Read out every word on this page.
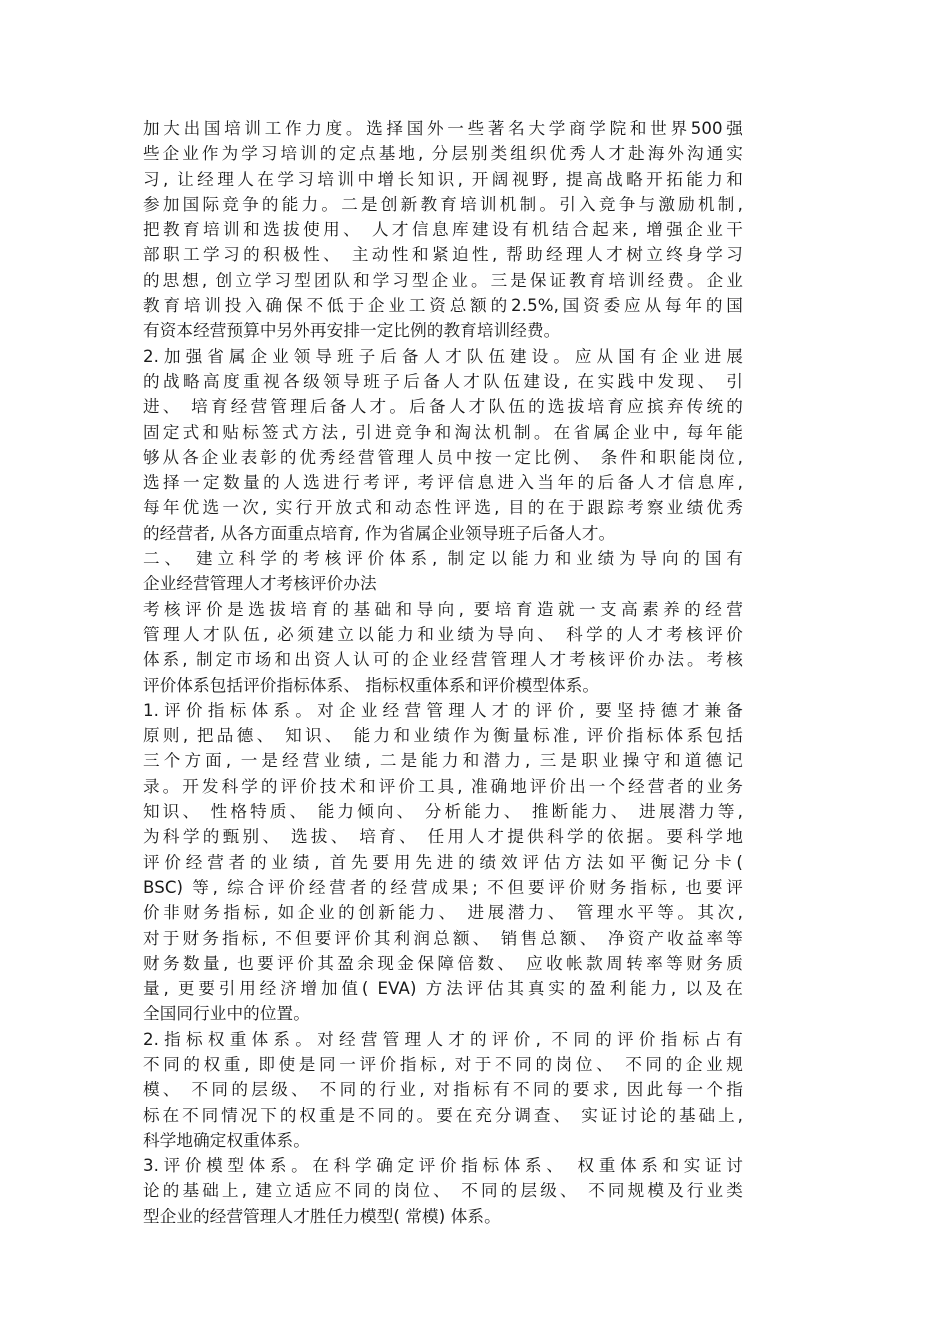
加大出国培训工作力度。选择国外一些著名大学商学院和世界500强
些企业作为学习培训的定点基地, 分层别类组织优秀人才赴海外沟通实
习, 让经理人在学习培训中增长知识, 开阔视野, 提高战略开拓能力和
参加国际竞争的能力。二是创新教育培训机制。引入竞争与激励机制,
把教育培训和选拔使用、 人才信息库建设有机结合起来, 增强企业干
部职工学习的积极性、 主动性和紧迫性, 帮助经理人才树立终身学习
的思想, 创立学习型团队和学习型企业。三是保证教育培训经费。企业
教育培训投入确保不低于企业工资总额的2.5%,国资委应从每年的国
有资本经营预算中另外再安排一定比例的教育培训经费。
2.加强省属企业领导班子后备人才队伍建设。应从国有企业进展
的战略高度重视各级领导班子后备人才队伍建设, 在实践中发现、 引
进、 培育经营管理后备人才。后备人才队伍的选拔培育应摈弃传统的
固定式和贴标签式方法, 引进竞争和淘汰机制。在省属企业中, 每年能
够从各企业表彰的优秀经营管理人员中按一定比例、 条件和职能岗位,
选择一定数量的人选进行考评, 考评信息进入当年的后备人才信息库,
每年优选一次, 实行开放式和动态性评选, 目的在于跟踪考察业绩优秀
的经营者, 从各方面重点培育, 作为省属企业领导班子后备人才。
二、 建立科学的考核评价体系, 制定以能力和业绩为导向的国有
企业经营管理人才考核评价办法
考核评价是选拔培育的基础和导向, 要培育造就一支高素养的经营
管理人才队伍, 必须建立以能力和业绩为导向、 科学的人才考核评价
体系, 制定市场和出资人认可的企业经营管理人才考核评价办法。考核
评价体系包括评价指标体系、 指标权重体系和评价模型体系。
1.评价指标体系。对企业经营管理人才的评价, 要坚持德才兼备
原则, 把品德、 知识、 能力和业绩作为衡量标准, 评价指标体系包括
三个方面, 一是经营业绩, 二是能力和潜力, 三是职业操守和道德记
录。开发科学的评价技术和评价工具, 准确地评价出一个经营者的业务
知识、 性格特质、 能力倾向、 分析能力、 推断能力、 进展潜力等,
为科学的甄别、 选拔、 培育、 任用人才提供科学的依据。要科学地
评价经营者的业绩, 首先要用先进的绩效评估方法如平衡记分卡(
BSC) 等, 综合评价经营者的经营成果; 不但要评价财务指标, 也要评
价非财务指标, 如企业的创新能力、 进展潜力、 管理水平等。其次,
对于财务指标, 不但要评价其利润总额、 销售总额、 净资产收益率等
财务数量, 也要评价其盈余现金保障倍数、 应收帐款周转率等财务质
量, 更要引用经济增加值( EVA) 方法评估其真实的盈利能力, 以及在
全国同行业中的位置。
2.指标权重体系。对经营管理人才的评价, 不同的评价指标占有
不同的权重, 即使是同一评价指标, 对于不同的岗位、 不同的企业规
模、 不同的层级、 不同的行业, 对指标有不同的要求, 因此每一个指
标在不同情况下的权重是不同的。要在充分调查、 实证讨论的基础上,
科学地确定权重体系。
3.评价模型体系。在科学确定评价指标体系、 权重体系和实证讨
论的基础上, 建立适应不同的岗位、 不同的层级、 不同规模及行业类
型企业的经营管理人才胜任力模型( 常模) 体系。
